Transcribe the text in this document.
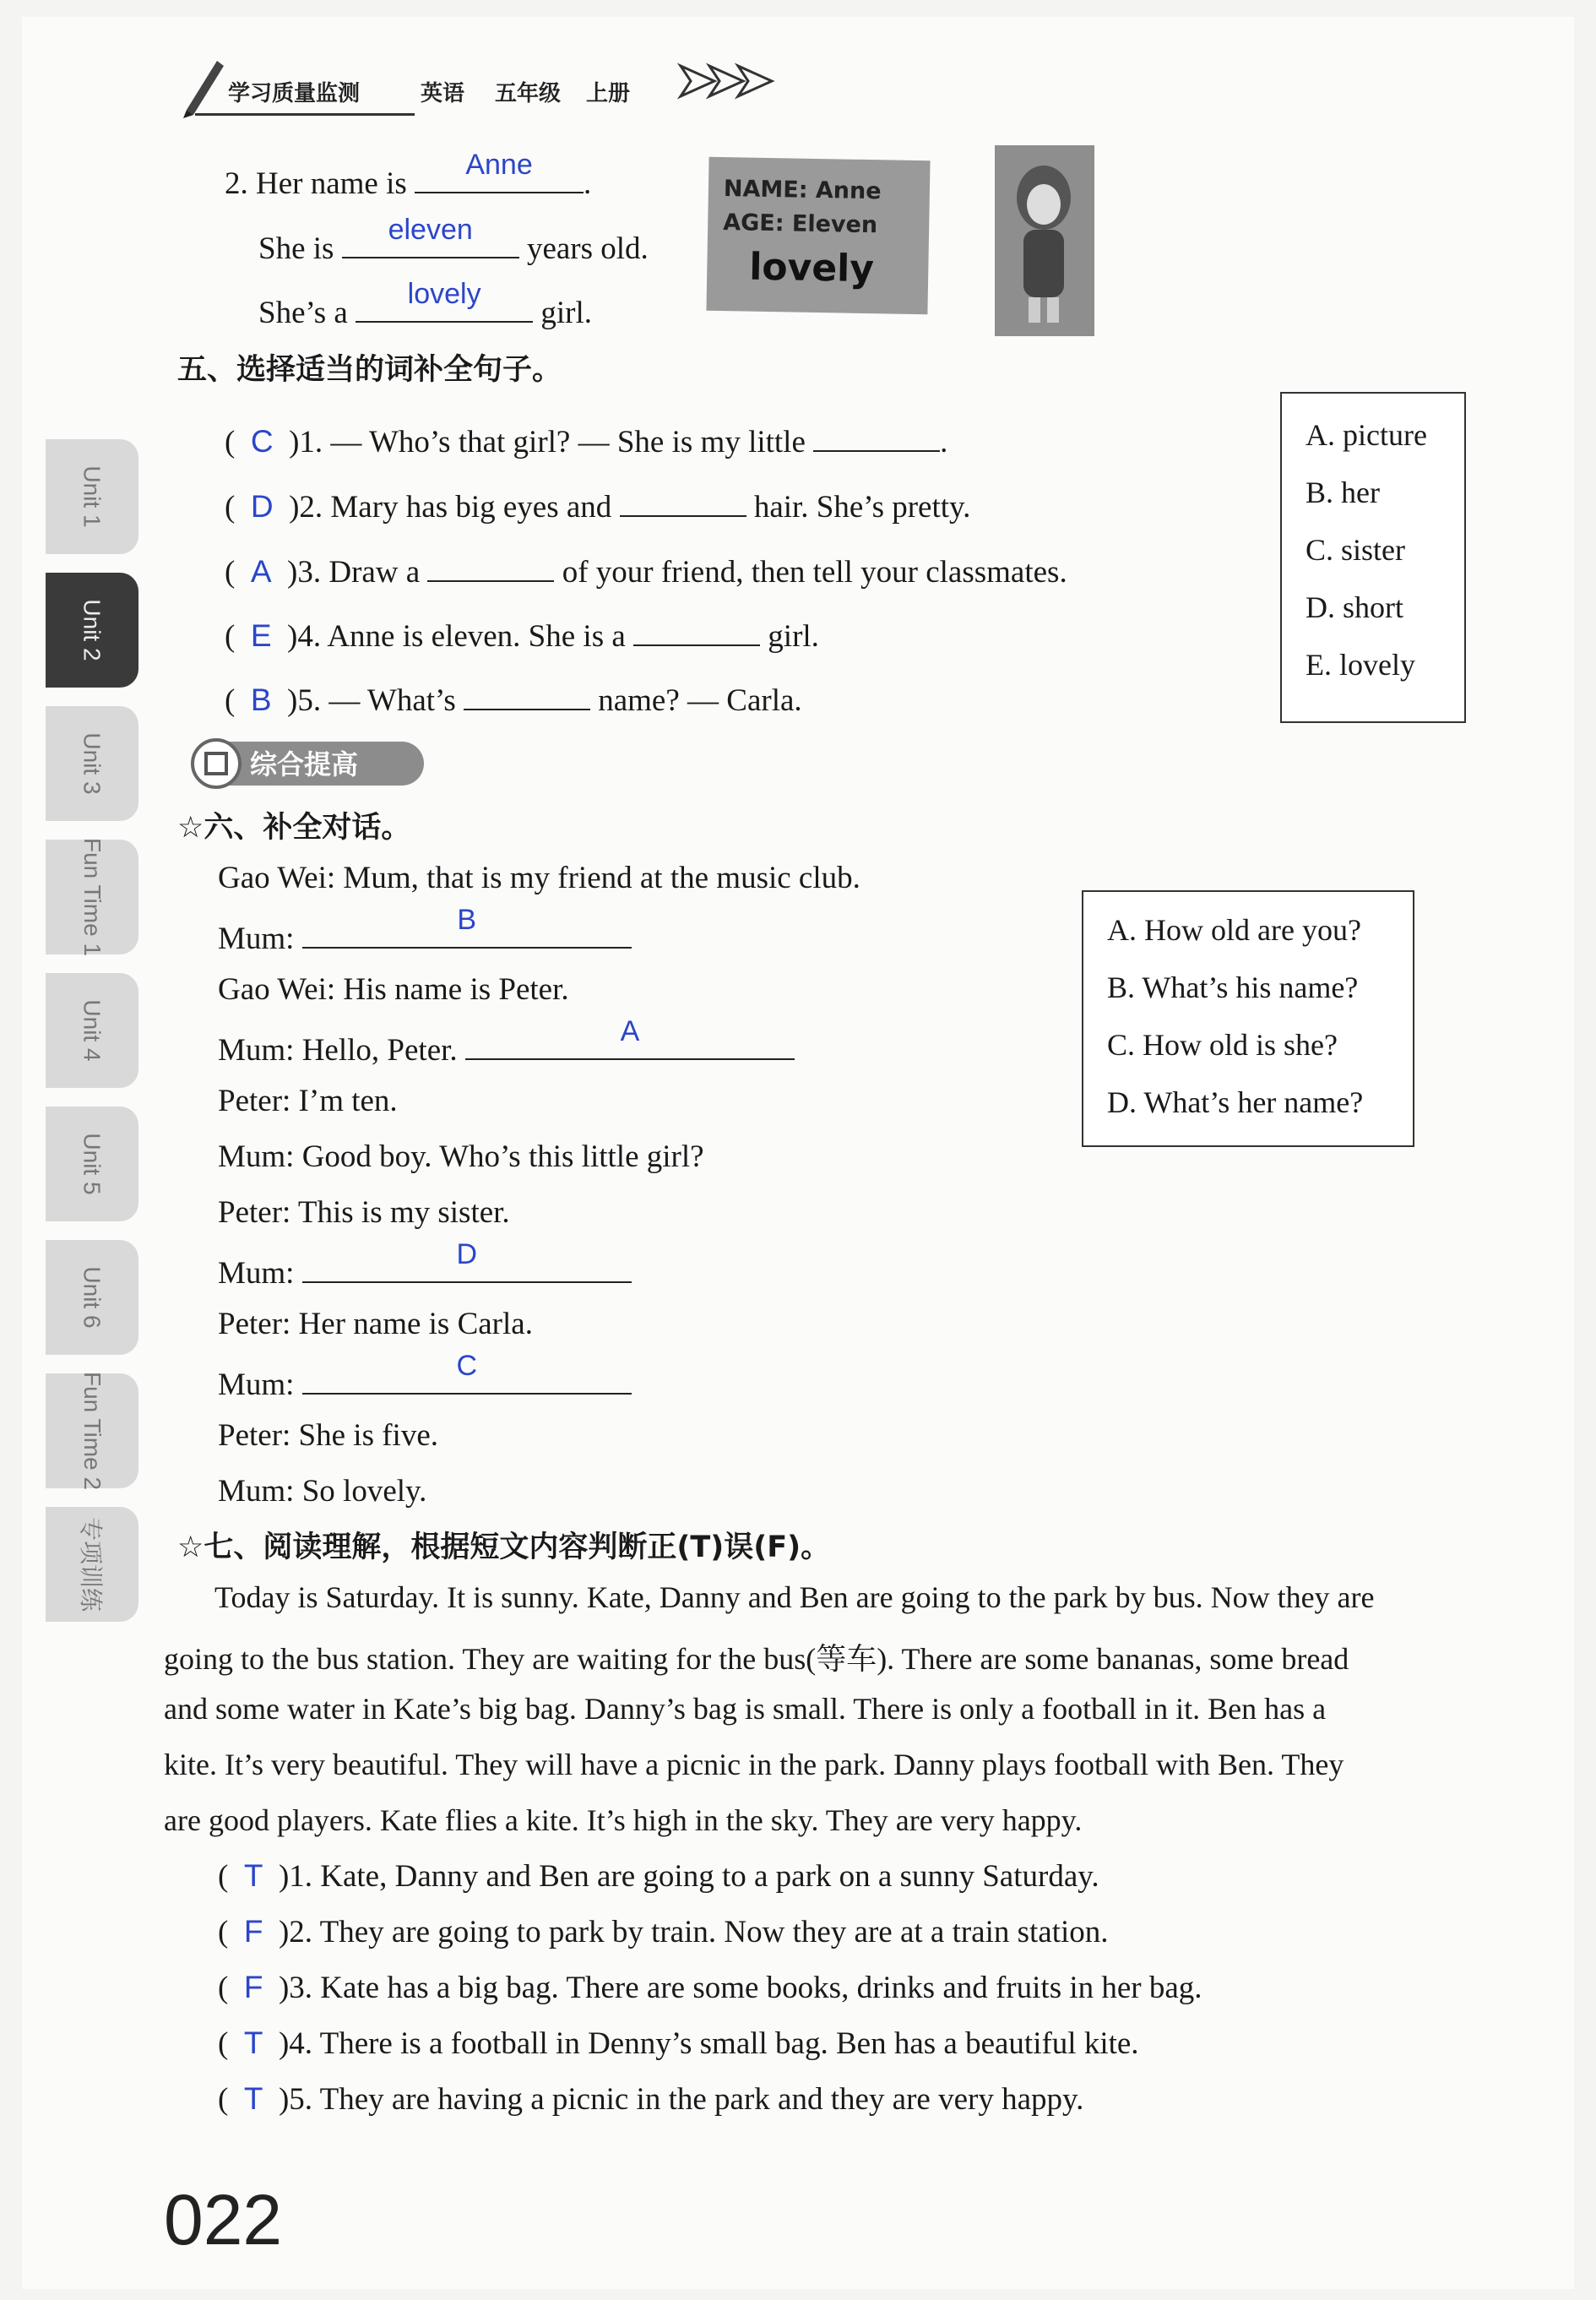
学习质量监测	英语 五年级 上册
Unit 1
Unit 2
Unit 3
Fun Time 1
Unit 4
Unit 5
Unit 6
Fun Time 2
专项训练
2. Her name is
Anne
.
She is
eleven
years old.
She’s a
lovely
girl.
NAME: Anne
AGE: Eleven
lovely
五、选择适当的词补全句子。
(  C )1. — Who’s that girl? — She is my little	.
(  D )2. Mary has big eyes and	hair. She’s pretty.
(  A )3. Draw a	of your friend, then tell your classmates.
(  E )4. Anne is eleven. She is a	girl.
(  B )5. — What’s	name? — Carla.
A. picture
B. her
C. sister
D. short
E. lovely
综合提高
☆六、补全对话。
Gao Wei: Mum, that is my friend at the music club.
Mum:
B
Gao Wei: His name is Peter.
Mum: Hello, Peter.
A
Peter: I’m ten.
Mum: Good boy. Who’s this little girl?
Peter: This is my sister.
Mum:
D
Peter: Her name is Carla.
Mum:
C
Peter: She is five.
Mum: So lovely.
A. How old are you?
B. What’s his name?
C. How old is she?
D. What’s her name?
☆七、阅读理解，根据短文内容判断正(T)误(F)。
Today is Saturday. It is sunny. Kate, Danny and Ben are going to the park by bus. Now they are
going to the bus station. They are waiting for the bus(等车). There are some bananas, some bread
and some water in Kate’s big bag. Danny’s bag is small. There is only a football in it. Ben has a
kite. It’s very beautiful. They will have a picnic in the park. Danny plays football with Ben. They
are good players. Kate flies a kite. It’s high in the sky. They are very happy.
(  T )1. Kate, Danny and Ben are going to a park on a sunny Saturday.
(  F )2. They are going to park by train. Now they are at a train station.
(  F )3. Kate has a big bag. There are some books, drinks and fruits in her bag.
(  T )4. There is a football in Denny’s small bag. Ben has a beautiful kite.
(  T )5. They are having a picnic in the park and they are very happy.
022
